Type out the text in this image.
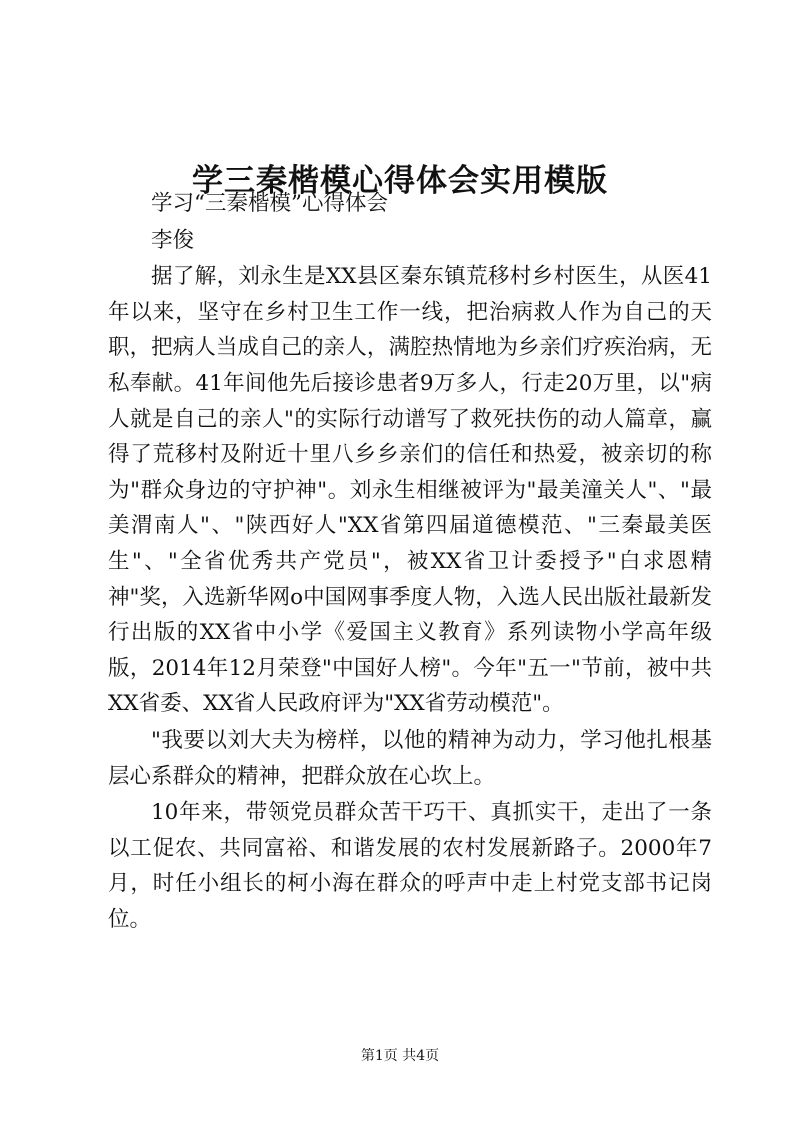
学三秦楷模心得体会实用模版

学习“三秦楷模”心得体会

李俊

据了解，刘永生是XX县区秦东镇荒移村乡村医生，从医41年以来，坚守在乡村卫生工作一线，把治病救人作为自己的天职，把病人当成自己的亲人，满腔热情地为乡亲们疗疾治病，无私奉献。41年间他先后接诊患者9万多人，行走20万里，以"病人就是自己的亲人"的实际行动谱写了救死扶伤的动人篇章，赢得了荒移村及附近十里八乡乡亲们的信任和热爱，被亲切的称为"群众身边的守护神"。刘永生相继被评为"最美潼关人"、"最美渭南人"、"陕西好人"XX省第四届道德模范、"三秦最美医生"、"全省优秀共产党员"，被XX省卫计委授予"白求恩精神"奖，入选新华网o中国网事季度人物，入选人民出版社最新发行出版的XX省中小学《爱国主义教育》系列读物小学高年级版，2014年12月荣登"中国好人榜"。今年"五一"节前，被中共XX省委、XX省人民政府评为"XX省劳动模范"。

"我要以刘大夫为榜样，以他的精神为动力，学习他扎根基层心系群众的精神，把群众放在心坎上。

10年来，带领党员群众苦干巧干、真抓实干，走出了一条以工促农、共同富裕、和谐发展的农村发展新路子。2000年7月，时任小组长的柯小海在群众的呼声中走上村党支部书记岗位。

第1页 共4页
